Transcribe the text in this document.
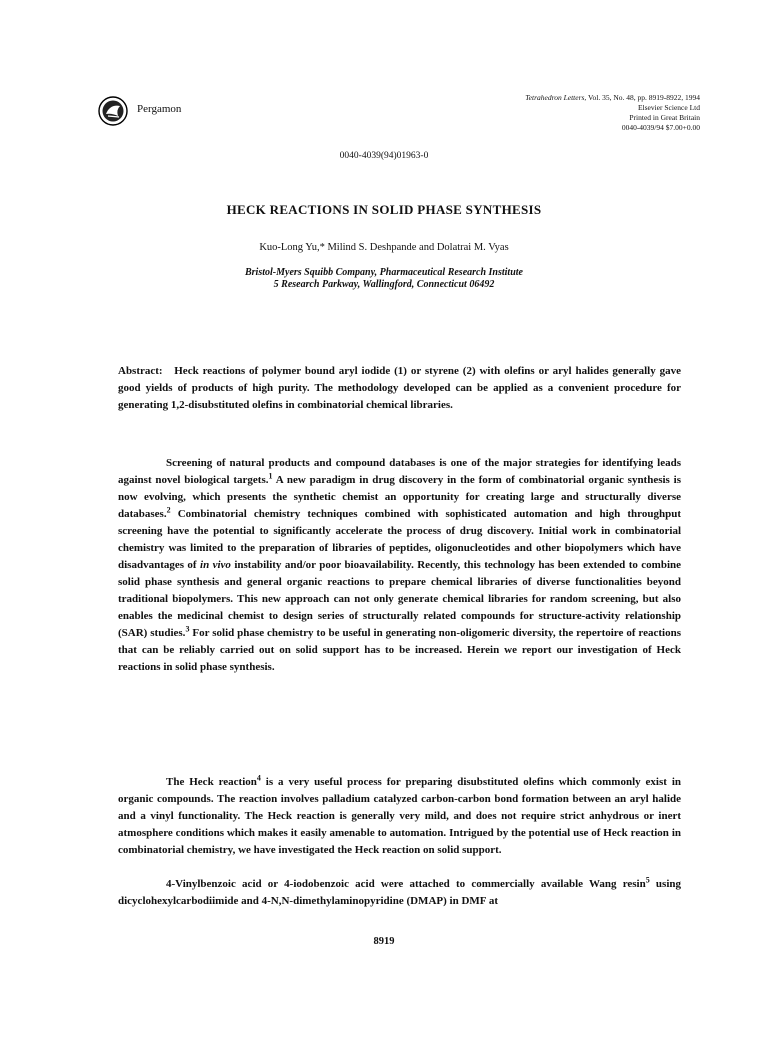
Pergamon
Tetrahedron Letters, Vol. 35, No. 48, pp. 8919-8922, 1994
Elsevier Science Ltd
Printed in Great Britain
0040-4039/94 $7.00+0.00
0040-4039(94)01963-0
HECK REACTIONS IN SOLID PHASE SYNTHESIS
Kuo-Long Yu,* Milind S. Deshpande and Dolatrai M. Vyas
Bristol-Myers Squibb Company, Pharmaceutical Research Institute
5 Research Parkway, Wallingford, Connecticut 06492
Abstract: Heck reactions of polymer bound aryl iodide (1) or styrene (2) with olefins or aryl halides generally gave good yields of products of high purity. The methodology developed can be applied as a convenient procedure for generating 1,2-disubstituted olefins in combinatorial chemical libraries.
Screening of natural products and compound databases is one of the major strategies for identifying leads against novel biological targets.$^1$ A new paradigm in drug discovery in the form of combinatorial organic synthesis is now evolving, which presents the synthetic chemist an opportunity for creating large and structurally diverse databases.$^2$ Combinatorial chemistry techniques combined with sophisticated automation and high throughput screening have the potential to significantly accelerate the process of drug discovery. Initial work in combinatorial chemistry was limited to the preparation of libraries of peptides, oligonucleotides and other biopolymers which have disadvantages of in vivo instability and/or poor bioavailability. Recently, this technology has been extended to combine solid phase synthesis and general organic reactions to prepare chemical libraries of diverse functionalities beyond traditional biopolymers. This new approach can not only generate chemical libraries for random screening, but also enables the medicinal chemist to design series of structurally related compounds for structure-activity relationship (SAR) studies.$^3$ For solid phase chemistry to be useful in generating non-oligomeric diversity, the repertoire of reactions that can be reliably carried out on solid support has to be increased. Herein we report our investigation of Heck reactions in solid phase synthesis.
The Heck reaction$^4$ is a very useful process for preparing disubstituted olefins which commonly exist in organic compounds. The reaction involves palladium catalyzed carbon-carbon bond formation between an aryl halide and a vinyl functionality. The Heck reaction is generally very mild, and does not require strict anhydrous or inert atmosphere conditions which makes it easily amenable to automation. Intrigued by the potential use of Heck reaction in combinatorial chemistry, we have investigated the Heck reaction on solid support.
4-Vinylbenzoic acid or 4-iodobenzoic acid were attached to commercially available Wang resin$^5$ using dicyclohexylcarbodiimide and 4-N,N-dimethylaminopyridine (DMAP) in DMF at
8919
